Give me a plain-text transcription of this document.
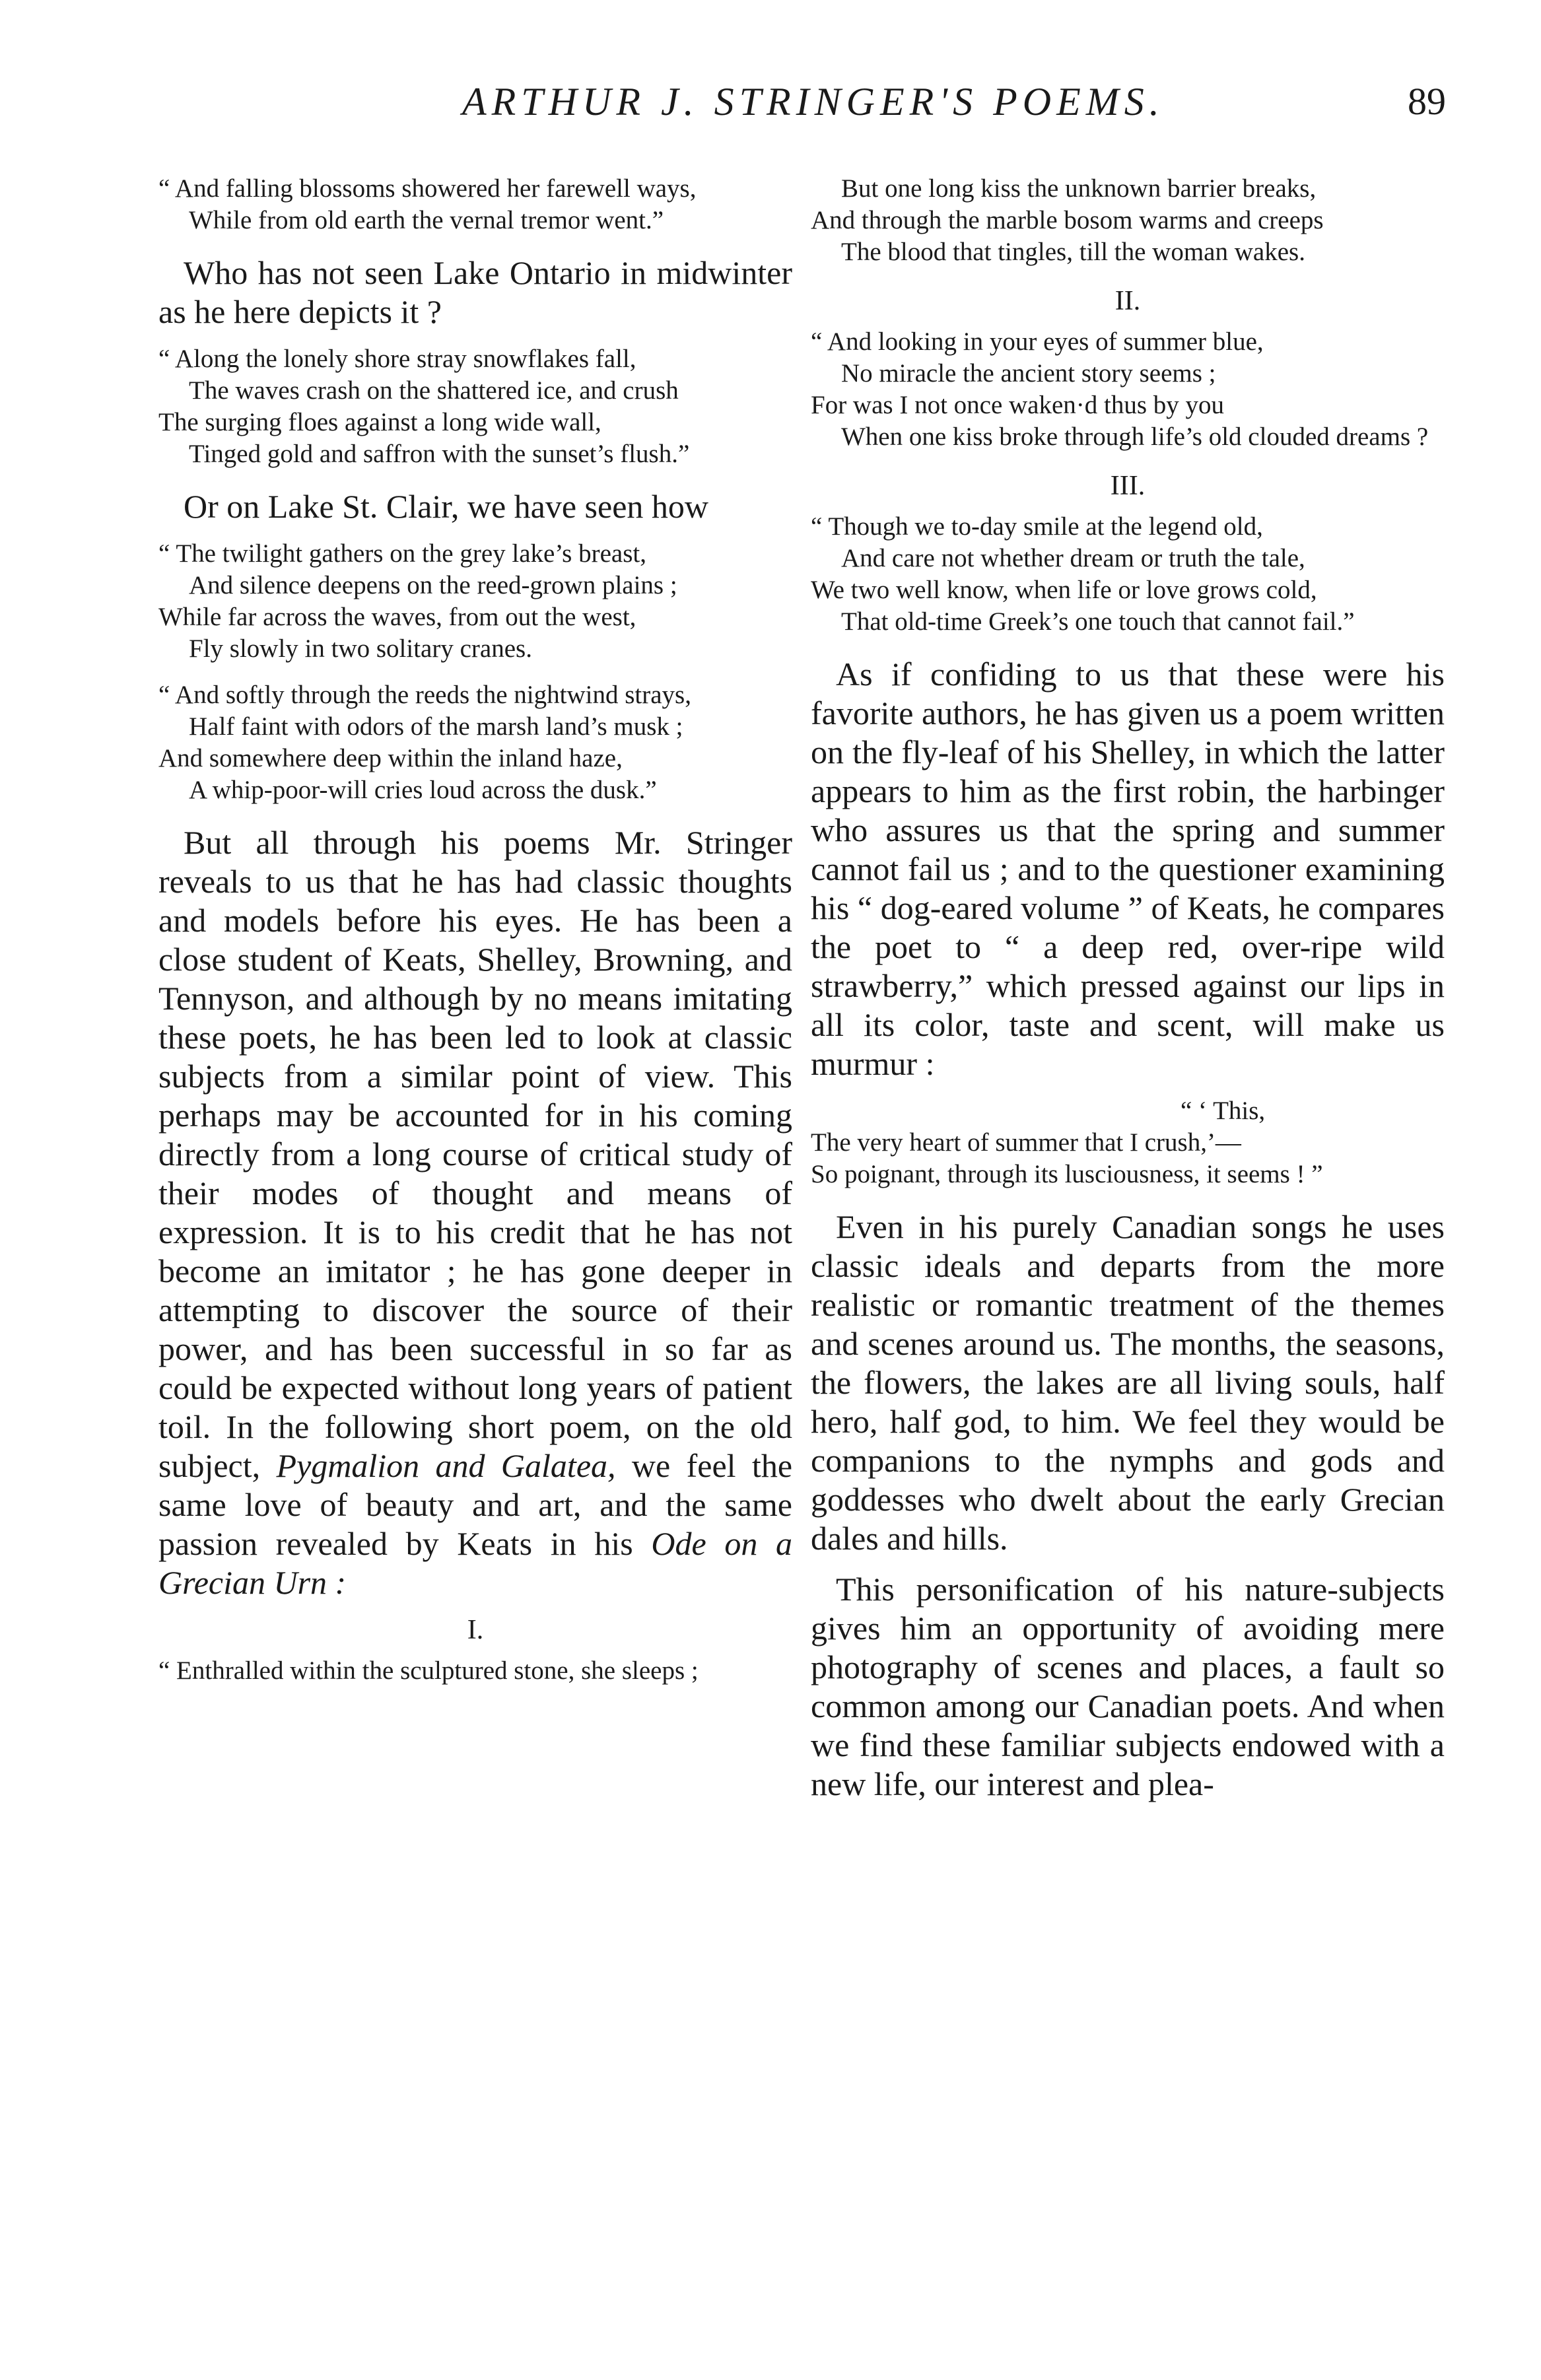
ARTHUR J. STRINGER'S POEMS.	89
“ And falling blossoms showered her farewell ways,
While from old earth the vernal tremor went.”

Who has not seen Lake Ontario in midwinter as he here depicts it ?

“ Along the lonely shore stray snowflakes fall,
The waves crash on the shattered ice, and crush
The surging floes against a long wide wall,
Tinged gold and saffron with the sunset’s flush.”

Or on Lake St. Clair, we have seen how

“ The twilight gathers on the grey lake’s breast,
And silence deepens on the reed-grown plains ;
While far across the waves, from out the west,
Fly slowly in two solitary cranes.
“ And softly through the reeds the nightwind strays,
Half faint with odors of the marsh land’s musk ;
And somewhere deep within the inland haze,
A whip-poor-will cries loud across the dusk.”

But all through his poems Mr. Stringer reveals to us that he has had classic thoughts and models before his eyes. He has been a close student of Keats, Shelley, Browning, and Tennyson, and although by no means imitating these poets, he has been led to look at classic subjects from a similar point of view. This perhaps may be accounted for in his coming directly from a long course of critical study of their modes of thought and means of expression. It is to his credit that he has not become an imitator ; he has gone deeper in attempting to discover the source of their power, and has been successful in so far as could be expected without long years of patient toil. In the following short poem, on the old subject, Pygmalion and Galatea, we feel the same love of beauty and art, and the same passion revealed by Keats in his Ode on a Grecian Urn :

I.
“ Enthralled within the sculptured stone, she sleeps ;
But one long kiss the unknown barrier breaks,
And through the marble bosom warms and creeps
The blood that tingles, till the woman wakes.
II.
“ And looking in your eyes of summer blue,
No miracle the ancient story seems ;
For was I not once waken·d thus by you
When one kiss broke through life’s old clouded dreams ?
III.
“ Though we to-day smile at the legend old,
And care not whether dream or truth the tale,
We two well know, when life or love grows cold,
That old-time Greek’s one touch that cannot fail.”

As if confiding to us that these were his favorite authors, he has given us a poem written on the fly-leaf of his Shelley, in which the latter appears to him as the first robin, the harbinger who assures us that the spring and summer cannot fail us ; and to the questioner examining his “ dog-eared volume ” of Keats, he compares the poet to “ a deep red, over-ripe wild strawberry,” which pressed against our lips in all its color, taste and scent, will make us murmur :

“ ‘ This,
The very heart of summer that I crush,’—
So poignant, through its lusciousness, it seems ! ”

Even in his purely Canadian songs he uses classic ideals and departs from the more realistic or romantic treatment of the themes and scenes around us. The months, the seasons, the flowers, the lakes are all living souls, half hero, half god, to him. We feel they would be companions to the nymphs and gods and goddesses who dwelt about the early Grecian dales and hills.

This personification of his nature-subjects gives him an opportunity of avoiding mere photography of scenes and places, a fault so common among our Canadian poets. And when we find these familiar subjects endowed with a new life, our interest and plea-
